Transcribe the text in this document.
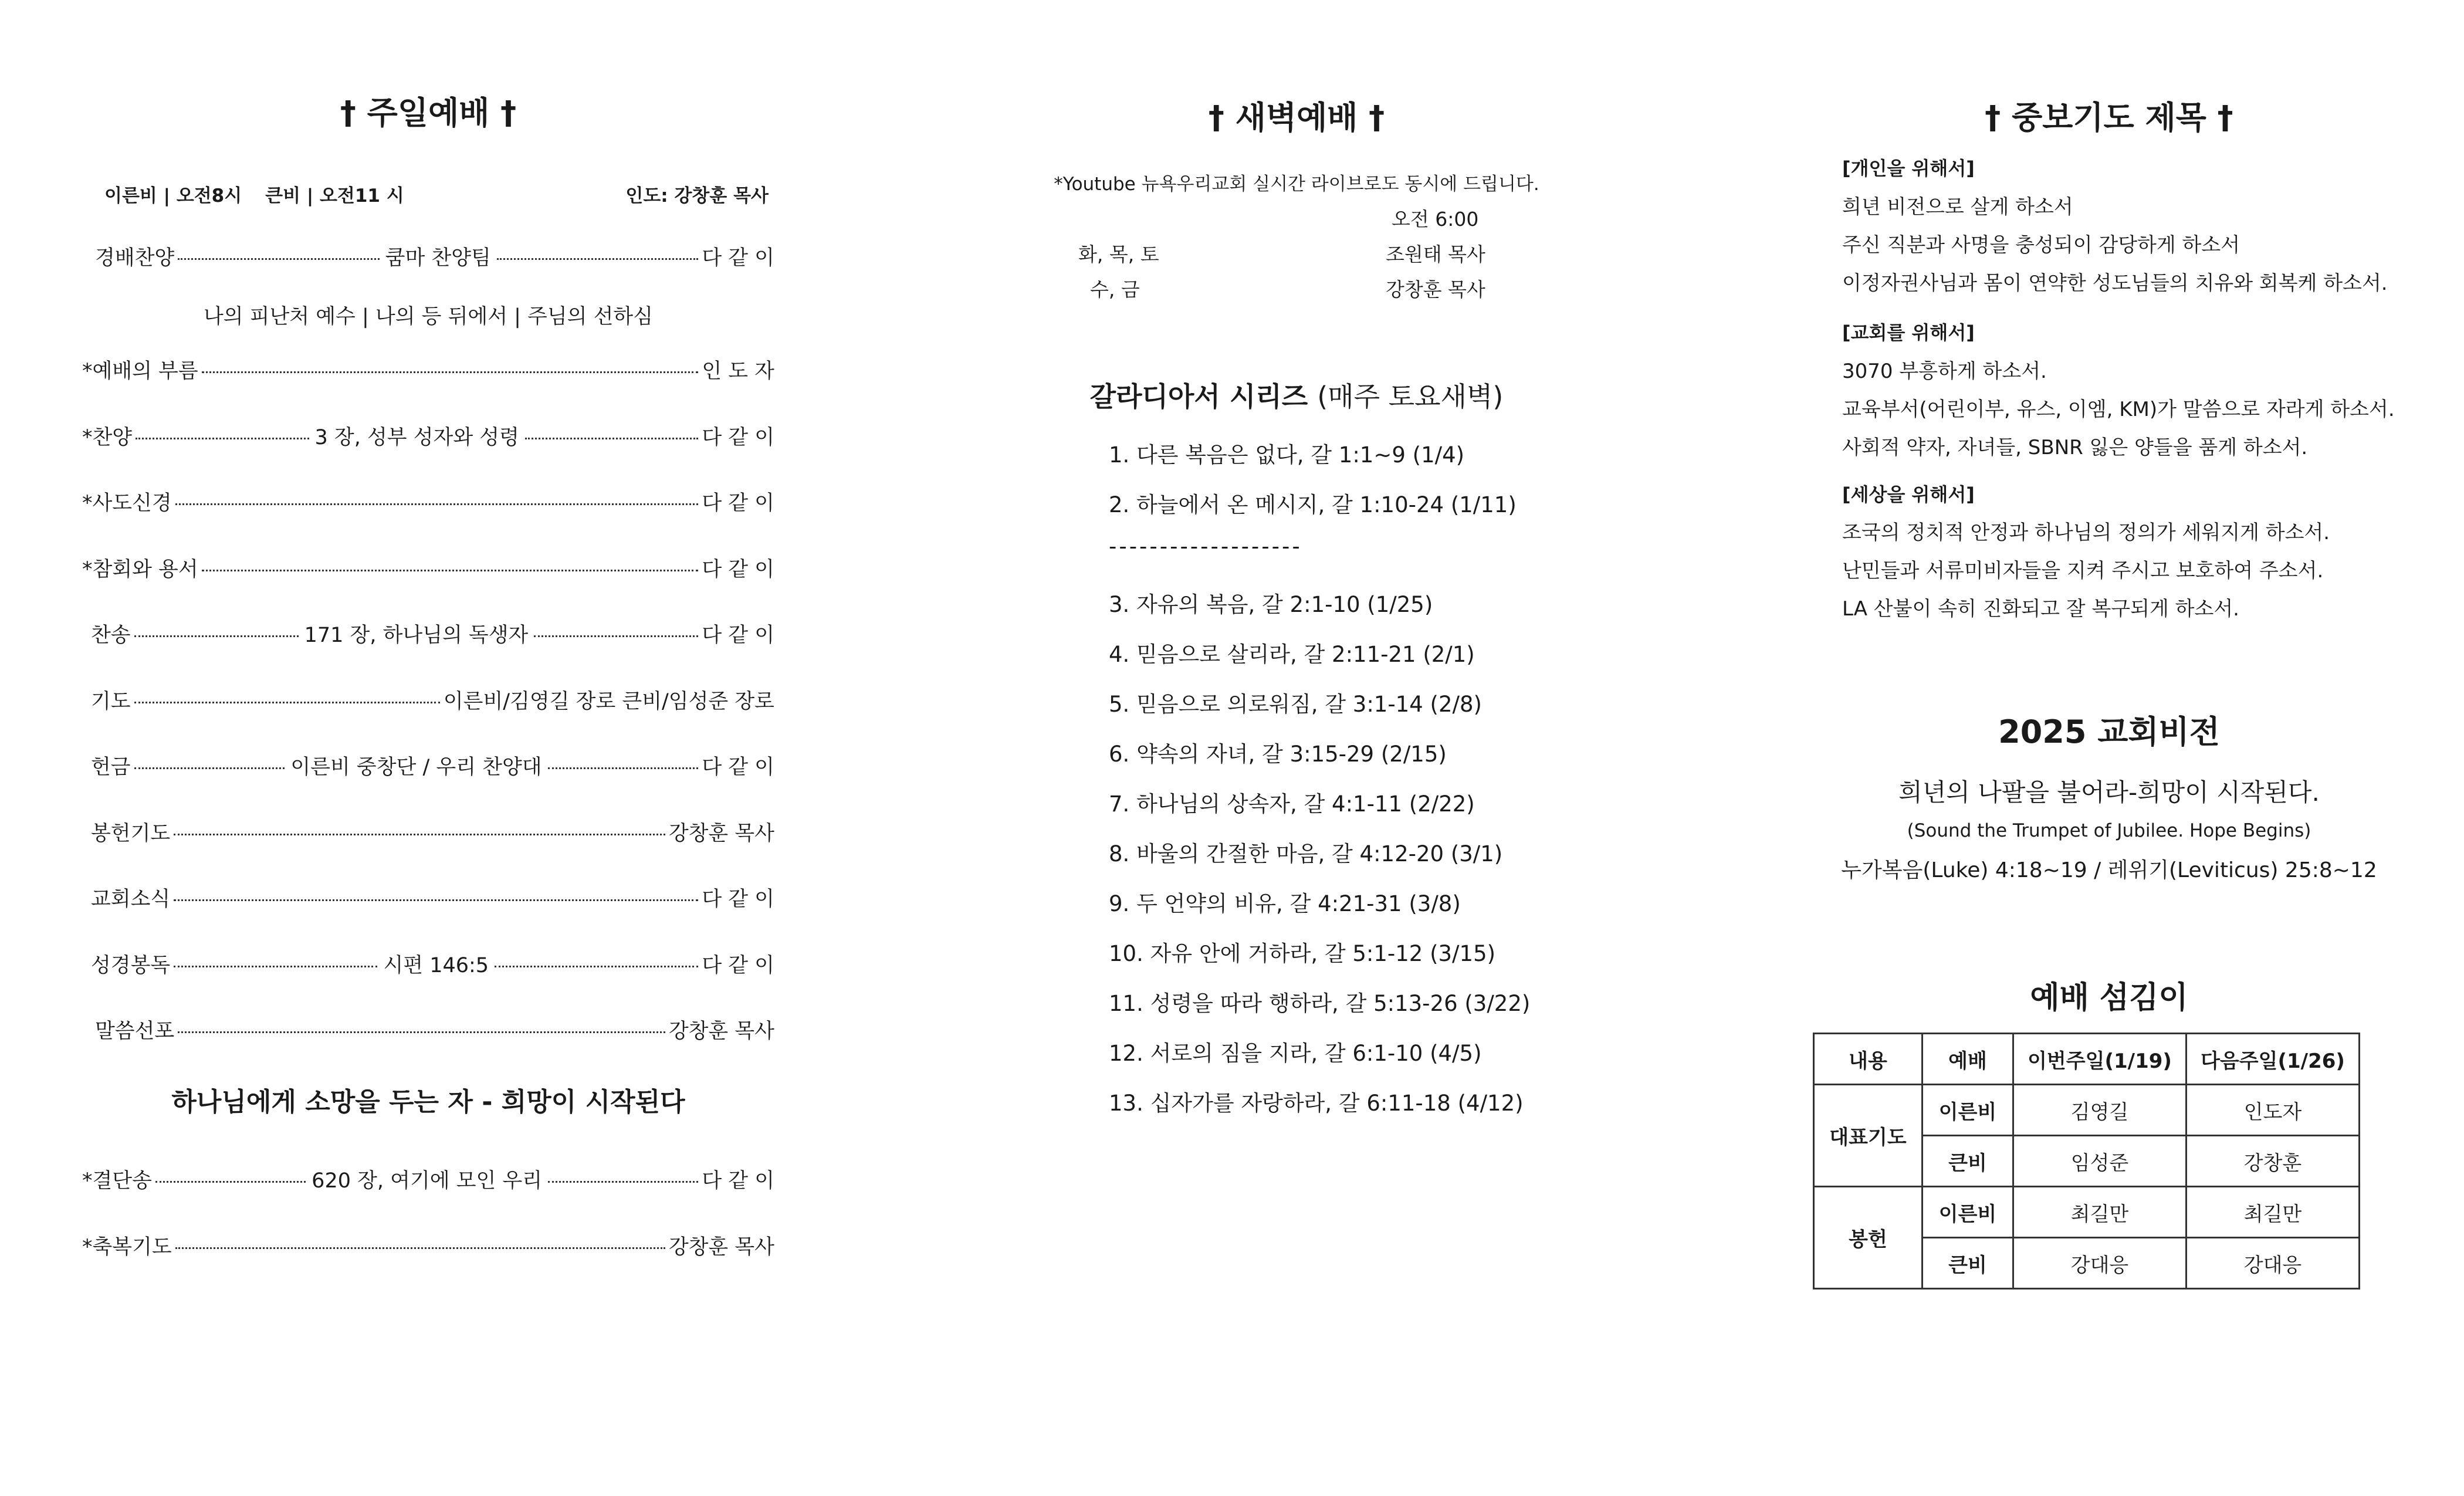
† 주일예배 †
이른비 | 오전8시 큰비 | 오전11 시	인도: 강창훈 목사
경배찬양	쿰마 찬양팀	다 같 이
나의 피난처 예수 | 나의 등 뒤에서 | 주님의 선하심
*예배의 부름	인 도 자
*찬양	3 장, 성부 성자와 성령	다 같 이
*사도신경	다 같 이
*참회와 용서	다 같 이
찬송	171 장, 하나님의 독생자	다 같 이
기도	이른비/김영길 장로 큰비/임성준 장로
헌금	이른비 중창단 / 우리 찬양대	다 같 이
봉헌기도	강창훈 목사
교회소식	다 같 이
성경봉독	시편 146:5	다 같 이
말씀선포	강창훈 목사
하나님에게 소망을 두는 자 - 희망이 시작된다
*결단송	620 장, 여기에 모인 우리	다 같 이
*축복기도	강창훈 목사
† 새벽예배 †
*Youtube 뉴욕우리교회 실시간 라이브로도 동시에 드립니다.
오전 6:00
화, 목, 토	조원태 목사
수, 금	강창훈 목사
갈라디아서 시리즈 (매주 토요새벽)
1. 다른 복음은 없다, 갈 1:1~9 (1/4)
2. 하늘에서 온 메시지, 갈 1:10-24 (1/11)
-------------------
3. 자유의 복음, 갈 2:1-10 (1/25)
4. 믿음으로 살리라, 갈 2:11-21 (2/1)
5. 믿음으로 의로워짐, 갈 3:1-14 (2/8)
6. 약속의 자녀, 갈 3:15-29 (2/15)
7. 하나님의 상속자, 갈 4:1-11 (2/22)
8. 바울의 간절한 마음, 갈 4:12-20 (3/1)
9. 두 언약의 비유, 갈 4:21-31 (3/8)
10. 자유 안에 거하라, 갈 5:1-12 (3/15)
11. 성령을 따라 행하라, 갈 5:13-26 (3/22)
12. 서로의 짐을 지라, 갈 6:1-10 (4/5)
13. 십자가를 자랑하라, 갈 6:11-18 (4/12)
† 중보기도 제목 †
[개인을 위해서]
희년 비전으로 살게 하소서
주신 직분과 사명을 충성되이 감당하게 하소서
이정자권사님과 몸이 연약한 성도님들의 치유와 회복케 하소서.
[교회를 위해서]
3070 부흥하게 하소서.
교육부서(어린이부, 유스, 이엠, KM)가 말씀으로 자라게 하소서.
사회적 약자, 자녀들, SBNR 잃은 양들을 품게 하소서.
[세상을 위해서]
조국의 정치적 안정과 하나님의 정의가 세워지게 하소서.
난민들과 서류미비자들을 지켜 주시고 보호하여 주소서.
LA 산불이 속히 진화되고 잘 복구되게 하소서.
2025 교회비전
희년의 나팔을 불어라-희망이 시작된다.
(Sound the Trumpet of Jubilee. Hope Begins)
누가복음(Luke) 4:18~19 / 레위기(Leviticus) 25:8~12
예배 섬김이
내용	예배	이번주일(1/19)	다음주일(1/26)
대표기도	이른비	김영길	인도자
	큰비	임성준	강창훈
봉헌	이른비	최길만	최길만
	큰비	강대응	강대응
